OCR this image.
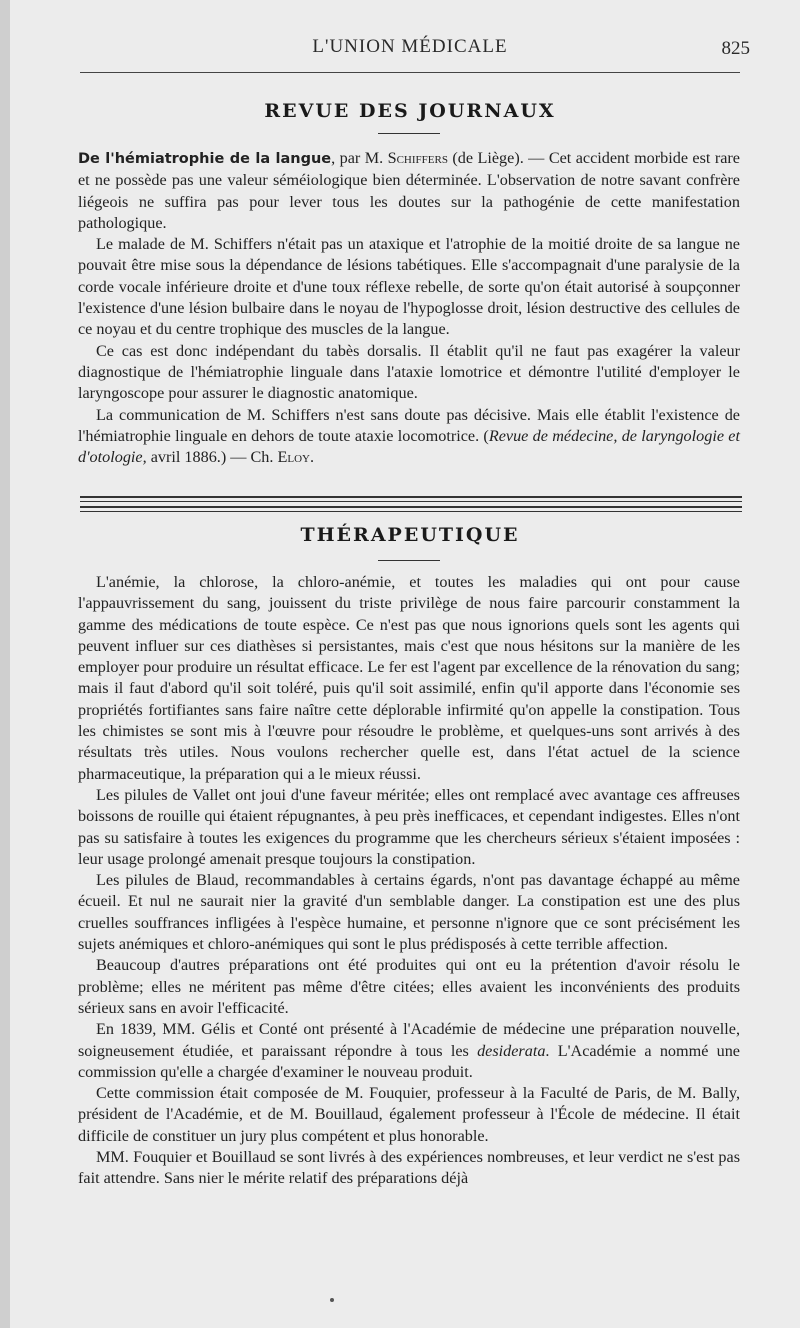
L'UNION MÉDICALE	825
REVUE DES JOURNAUX

De l'hémiatrophie de la langue, par M. Schiffers (de Liège). — Cet accident morbide est rare et ne possède pas une valeur séméiologique bien déterminée. L'observation de notre savant confrère liégeois ne suffira pas pour lever tous les doutes sur la pathogénie de cette manifestation pathologique.

Le malade de M. Schiffers n'était pas un ataxique et l'atrophie de la moitié droite de sa langue ne pouvait être mise sous la dépendance de lésions tabétiques. Elle s'accompagnait d'une paralysie de la corde vocale inférieure droite et d'une toux réflexe rebelle, de sorte qu'on était autorisé à soupçonner l'existence d'une lésion bulbaire dans le noyau de l'hypoglosse droit, lésion destructive des cellules de ce noyau et du centre trophique des muscles de la langue.

Ce cas est donc indépendant du tabès dorsalis. Il établit qu'il ne faut pas exagérer la valeur diagnostique de l'hémiatrophie linguale dans l'ataxie lomotrice et démontre l'utilité d'employer le laryngoscope pour assurer le diagnostic anatomique.

La communication de M. Schiffers n'est sans doute pas décisive. Mais elle établit l'existence de l'hémiatrophie linguale en dehors de toute ataxie locomotrice. (Revue de médecine, de laryngologie et d'otologie, avril 1886.) — Ch. Eloy.

THÉRAPEUTIQUE

L'anémie, la chlorose, la chloro-anémie, et toutes les maladies qui ont pour cause l'appauvrissement du sang, jouissent du triste privilège de nous faire parcourir constamment la gamme des médications de toute espèce. Ce n'est pas que nous ignorions quels sont les agents qui peuvent influer sur ces diathèses si persistantes, mais c'est que nous hésitons sur la manière de les employer pour produire un résultat efficace. Le fer est l'agent par excellence de la rénovation du sang; mais il faut d'abord qu'il soit toléré, puis qu'il soit assimilé, enfin qu'il apporte dans l'économie ses propriétés fortifiantes sans faire naître cette déplorable infirmité qu'on appelle la constipation. Tous les chimistes se sont mis à l'œuvre pour résoudre le problème, et quelques-uns sont arrivés à des résultats très utiles. Nous voulons rechercher quelle est, dans l'état actuel de la science pharmaceutique, la préparation qui a le mieux réussi.

Les pilules de Vallet ont joui d'une faveur méritée; elles ont remplacé avec avantage ces affreuses boissons de rouille qui étaient répugnantes, à peu près inefficaces, et cependant indigestes. Elles n'ont pas su satisfaire à toutes les exigences du programme que les chercheurs sérieux s'étaient imposées : leur usage prolongé amenait presque toujours la constipation.

Les pilules de Blaud, recommandables à certains égards, n'ont pas davantage échappé au même écueil. Et nul ne saurait nier la gravité d'un semblable danger. La constipation est une des plus cruelles souffrances infligées à l'espèce humaine, et personne n'ignore que ce sont précisément les sujets anémiques et chloro-anémiques qui sont le plus prédisposés à cette terrible affection.

Beaucoup d'autres préparations ont été produites qui ont eu la prétention d'avoir résolu le problème; elles ne méritent pas même d'être citées; elles avaient les inconvénients des produits sérieux sans en avoir l'efficacité.

En 1839, MM. Gélis et Conté ont présenté à l'Académie de médecine une préparation nouvelle, soigneusement étudiée, et paraissant répondre à tous les desiderata. L'Académie a nommé une commission qu'elle a chargée d'examiner le nouveau produit.

Cette commission était composée de M. Fouquier, professeur à la Faculté de Paris, de M. Bally, président de l'Académie, et de M. Bouillaud, également professeur à l'École de médecine. Il était difficile de constituer un jury plus compétent et plus honorable.

MM. Fouquier et Bouillaud se sont livrés à des expériences nombreuses, et leur verdict ne s'est pas fait attendre. Sans nier le mérite relatif des préparations déjà
